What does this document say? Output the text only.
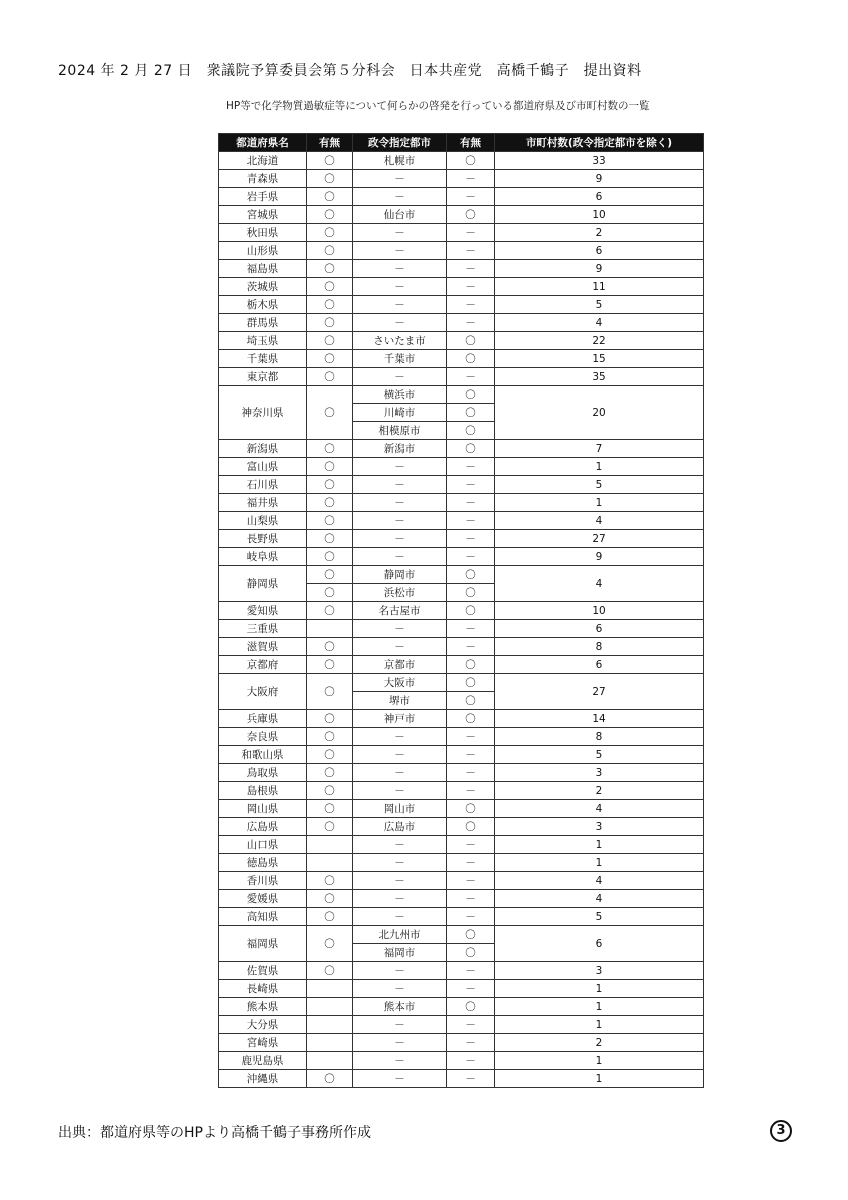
2024 年 2 月 27 日　衆議院予算委員会第５分科会　日本共産党　高橋千鶴子　提出資料
HP等で化学物質過敏症等について何らかの啓発を行っている都道府県及び市町村数の一覧
都道府県名	有無	政令指定都市	有無	市町村数(政令指定都市を除く)
北海道	〇	札幌市	〇	33
青森県	〇	－	－	9
岩手県	〇	－	－	6
宮城県	〇	仙台市	〇	10
秋田県	〇	－	－	2
山形県	〇	－	－	6
福島県	〇	－	－	9
茨城県	〇	－	－	11
栃木県	〇	－	－	5
群馬県	〇	－	－	4
埼玉県	〇	さいたま市	〇	22
千葉県	〇	千葉市	〇	15
東京都	〇	－	－	35
神奈川県	〇	横浜市	〇	20
		川崎市	〇	
		相模原市	〇	
新潟県	〇	新潟市	〇	7
富山県	〇	－	－	1
石川県	〇	－	－	5
福井県	〇	－	－	1
山梨県	〇	－	－	4
長野県	〇	－	－	27
岐阜県	〇	－	－	9
静岡県	〇	静岡市	〇	4
	〇	浜松市	〇	
愛知県	〇	名古屋市	〇	10
三重県		－	－	6
滋賀県	〇	－	－	8
京都府	〇	京都市	〇	6
大阪府	〇	大阪市	〇	27
		堺市	〇	
兵庫県	〇	神戸市	〇	14
奈良県	〇	－	－	8
和歌山県	〇	－	－	5
鳥取県	〇	－	－	3
島根県	〇	－	－	2
岡山県	〇	岡山市	〇	4
広島県	〇	広島市	〇	3
山口県		－	－	1
徳島県		－	－	1
香川県	〇	－	－	4
愛媛県	〇	－	－	4
高知県	〇	－	－	5
福岡県	〇	北九州市	〇	6
		福岡市	〇	
佐賀県	〇	－	－	3
長崎県		－	－	1
熊本県		熊本市	〇	1
大分県		－	－	1
宮崎県		－	－	2
鹿児島県		－	－	1
沖縄県	〇	－	－	1
出典：都道府県等のHPより高橋千鶴子事務所作成	3
